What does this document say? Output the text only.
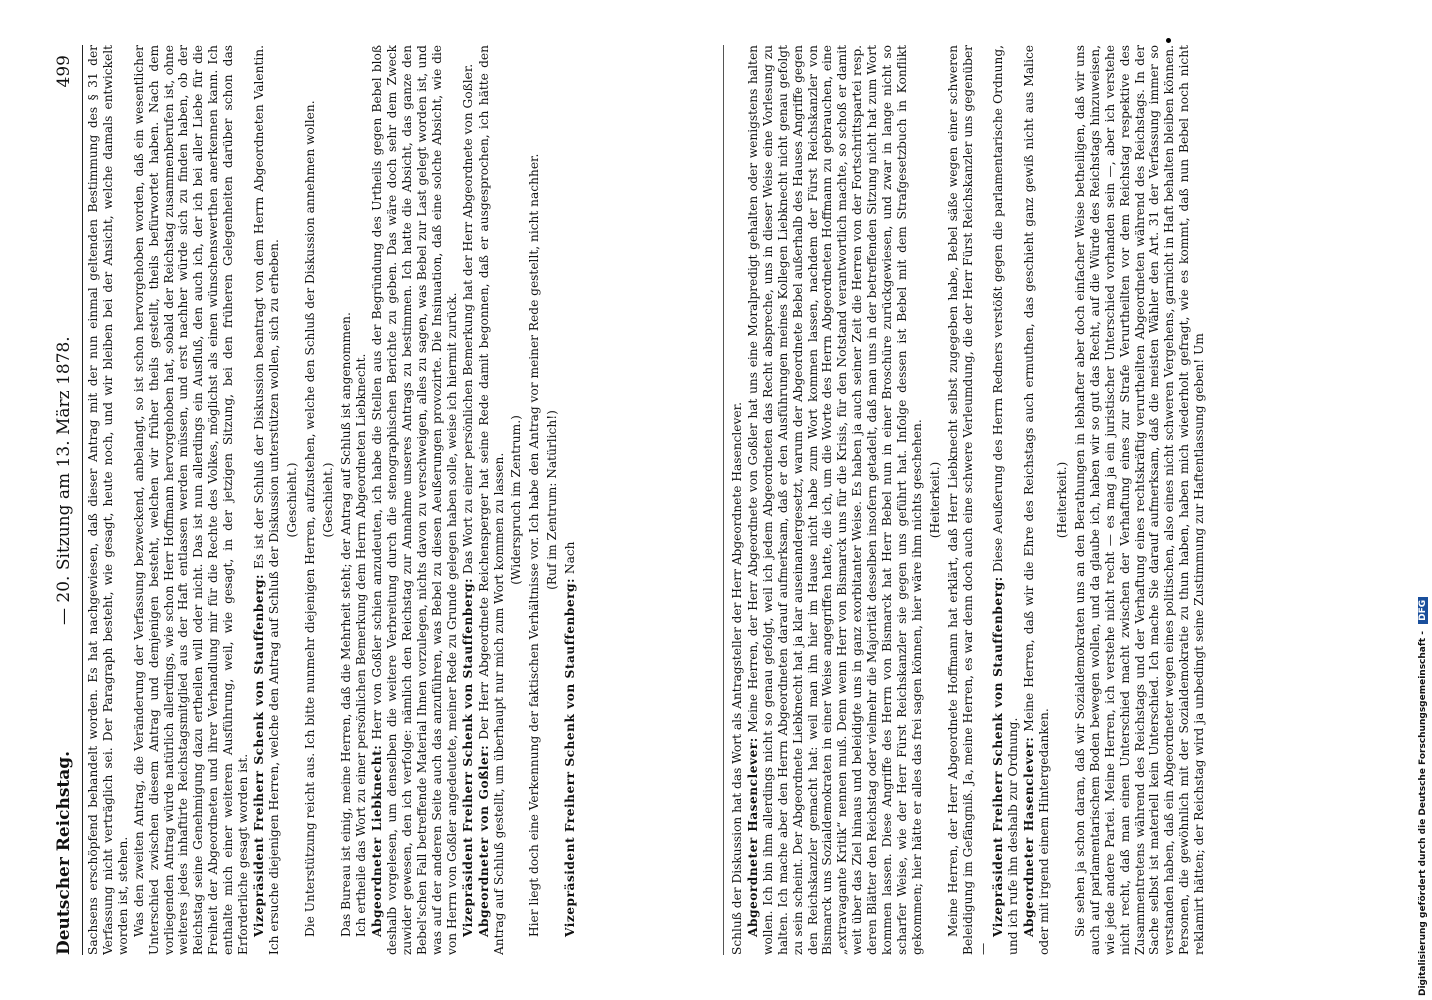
Deutscher Reichstag.
— 20. Sitzung am 13. März 1878.
499 Sachsens erschöpfend behandelt worden. Es hat nachgewiesen, daß dieser Antrag mit der nun einmal geltenden Bestimmung des § 31 der Verfassung nicht verträglich sei. Der Paragraph besteht, wie gesagt, heute noch, und wir bleiben bei der Ansicht, welche damals entwickelt worden ist, stehen. Was den zweiten Antrag, die Veränderung der Verfassung bezweckend, anbelangt, so ist schon hervorgehoben worden, daß ein wesentlicher Unterschied zwischen diesem Antrag und demjenigen besteht, welchen wir früher theils gestellt, theils befürwortet haben. Nach dem vorliegenden Antrag würde natürlich allerdings, wie schon Herr Hoffmann hervorgehoben hat, sobald der Reichstag zusammenberufen ist, ohne weiteres jedes inhaftirte Reichstagsmitglied aus der Haft entlassen werden müssen, und erst nachher würde sich zu finden haben, ob der Reichstag seine Genehmigung dazu ertheilen will oder nicht. Das ist nun allerdings ein Ausfluß, den auch ich, der ich bei aller Liebe für die Freiheit der Abgeordneten und ihrer Verhandlung mir für die Rechte des Volkes, möglichst als einen wünschenswerthen anerkennen kann. Ich enthalte mich einer weiteren Ausführung, weil, wie gesagt, in der jetzigen Sitzung, bei den früheren Gelegenheiten darüber schon das Erforderliche gesagt worden ist. Vizepräsident Freiherr Schenk von Stauffenberg: Es ist der Schluß der Diskussion beantragt von dem Herrn Abgeordneten Valentin. Ich ersuche diejenigen Herren, welche den Antrag auf Schluß der Diskussion unterstützen wollen, sich zu erheben. (Geschieht.) Die Unterstützung reicht aus. Ich bitte nunmehr diejenigen Herren, aufzustehen, welche den Schluß der Diskussion annehmen wollen. (Geschieht.) Das Bureau ist einig, meine Herren, daß die Mehrheit steht; der Antrag auf Schluß ist angenommen. Ich ertheile das Wort zu einer persönlichen Bemerkung dem Herrn Abgeordneten Liebknecht. Abgeordneter Liebknecht: Herr von Goßler schien anzudeuten, ich habe die Stellen aus der Begründung des Urtheils gegen Bebel bloß deshalb vorgelesen, um denselben die weitere Verbreitung durch die stenographischen Berichte zu geben. Das wäre doch sehr dem Zweck zuwider gewesen, den ich verfolge: nämlich den Reichstag zur Annahme unseres Antrags zu bestimmen. Ich hatte die Absicht, das ganze den Bebel'schen Fall betreffende Material Ihnen vorzulegen, nichts davon zu verschweigen, alles zu sagen, was Bebel zur Last gelegt worden ist, und was auf der anderen Seite auch das anzuführen, was Bebel zu diesen Aeußerungen provozirte. Die Insinuation, daß eine solche Absicht, wie die von Herrn von Goßler angedeutete, meiner Rede zu Grunde gelegen haben solle, weise ich hiermit zurück. Vizepräsident Freiherr Schenk von Stauffenberg: Das Wort zu einer persönlichen Bemerkung hat der Herr Abgeordnete von Goßler.

Abgeordneter von Goßler: Der Herr Abgeordnete Reichensperger hat seine Rede damit begonnen, daß er ausgesprochen, ich hätte den Antrag auf Schluß gestellt, um überhaupt nur mich zum Wort kommen zu lassen. (Widerspruch im Zentrum.) Hier liegt doch eine Verkennung der faktischen Verhältnisse vor. Ich habe den Antrag vor meiner Rede gestellt, nicht nachher. (Ruf im Zentrum: Natürlich!)

Vizepräsident Freiherr Schenk von Stauffenberg: Nach	Schluß der Diskussion hat das Wort als Antragsteller der Herr Abgeordnete Hasenclever. Abgeordneter Hasenclever: Meine Herren, der Herr Abgeordnete von Goßler hat uns eine Moralpredigt gehalten oder wenigstens halten wollen. Ich bin ihm allerdings nicht so genau gefolgt, weil ich jedem Abgeordneten das Recht abspreche, uns in dieser Weise eine Vorlesung zu halten. Ich mache aber den Herrn Abgeordneten darauf aufmerksam, daß er den Ausführungen meines Kollegen Liebknecht nicht genau gefolgt zu sein scheint. Der Abgeordnete Liebknecht hat ja klar auseinandergesetzt, warum der Abgeordnete Bebel außerhalb des Hauses Angriffe gegen den Reichskanzler gemacht hat: weil man ihn hier im Hause nicht habe zum Wort kommen lassen, nachdem der Fürst Reichskanzler von Bismarck uns Sozialdemokraten in einer Weise angegriffen hatte, die ich, um die Worte des Herrn Abgeordneten Hoffmann zu gebrauchen, eine „extravagante Kritik“ nennen muß. Denn wenn Herr von Bismarck uns für die Krisis, für den Notstand verantwortlich machte, so schoß er damit weit über das Ziel hinaus und beleidigte uns in ganz exorbitanter Weise. Es haben ja auch seiner Zeit die Herren von der Fortschrittspartei resp. deren Blätter den Reichstag oder vielmehr die Majorität desselben insofern getadelt, daß man uns in der betreffenden Sitzung nicht hat zum Wort kommen lassen. Diese Angriffe des Herrn von Bismarck hat Herr Bebel nun in einer Broschüre zurückgewiesen, und zwar in lange nicht so scharfer Weise, wie der Herr Fürst Reichskanzler sie gegen uns geführt hat. Infolge dessen ist Bebel mit dem Strafgesetzbuch in Konflikt gekommen; hier hätte er alles das frei sagen können, hier wäre ihm nichts geschehen. (Heiterkeit.) Meine Herren, der Herr Abgeordnete Hoffmann hat erklärt, daß Herr Liebknecht selbst zugegeben habe, Bebel säße wegen einer schweren Beleidigung im Gefängniß. Ja, meine Herren, es war denn doch auch eine schwere Verleumdung, die der Herr Fürst Reichskanzler uns gegenüber —

Vizepräsident Freiherr Schenk von Stauffenberg: Diese Aeußerung des Herrn Redners verstößt gegen die parlamentarische Ordnung, und ich rufe ihn deshalb zur Ordnung. Abgeordneter Hasenclever: Meine Herren, daß wir die Ehre des Reichstags auch ermuthen, das geschieht ganz gewiß nicht aus Malice oder mit irgend einem Hintergedanken.

(Heiterkeit.) Sie sehen ja schon daran, daß wir Sozialdemokraten uns an den Berathungen in lebhafter aber doch einfacher Weise betheiligen, daß wir uns auch auf parlamentarischem Boden bewegen wollen, und da glaube ich, haben wir so gut das Recht, auf die Würde des Reichstags hinzuweisen, wie jede andere Partei. Meine Herren, ich verstehe nicht recht — es mag ja ein juristischer Unterschied vorhanden sein —, aber ich verstehe nicht recht, daß man einen Unterschied macht zwischen der Verhaftung eines zur Strafe Verurtheilten vor dem Reichstag respektive des Zusammentretens während des Reichstags und der Verhaftung eines rechtskräftig verurtheilten Abgeordneten während des Reichstags. In der Sache selbst ist materiell kein Unterschied. Ich mache Sie darauf aufmerksam, daß die meisten Wähler den Art. 31 der Verfassung immer so verstanden haben, daß ein Abgeordneter wegen eines politischen, also eines nicht schweren Vergehens, garnicht in Haft behalten bleiben können. Personen, die gewöhnlich mit der Sozialdemokratie zu thun haben, haben mich wiederholt gefragt, wie es kommt, daß nun Bebel noch nicht reklamirt hätten; der Reichstag wird ja unbedingt seine Zustimmung zur Haftentlassung geben! Um	Digitalisierung gefördert durch die Deutsche Forschungsgemeinschaft - DFG
